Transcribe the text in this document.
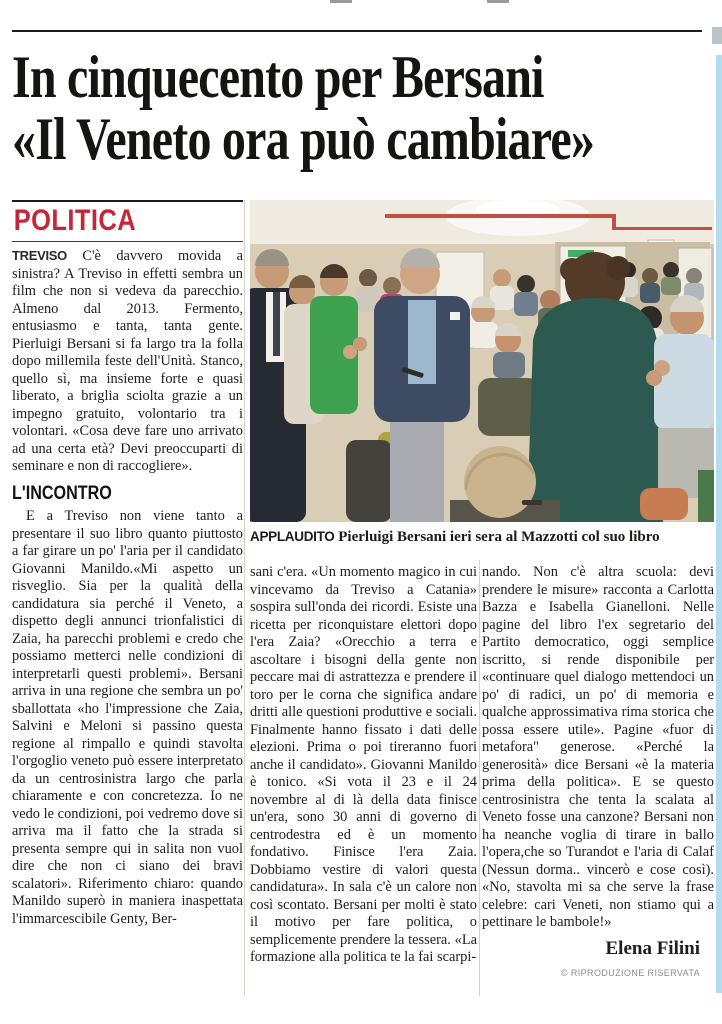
In cinquecento per Bersani
«Il Veneto ora può cambiare»
POLITICA

TREVISO C'è davvero movida a sinistra? A Treviso in effetti sembra un film che non si vedeva da parecchio. Almeno dal 2013. Fermento, entusiasmo e tanta, tanta gente. Pierluigi Bersani si fa largo tra la folla dopo millemila feste dell'Unità. Stanco, quello sì, ma insieme forte e quasi liberato, a briglia sciolta grazie a un impegno gratuito, volontario tra i volontari. «Cosa deve fare uno arrivato ad una certa età? Devi preoccuparti di seminare e non di raccogliere».

L'INCONTRO

E a Treviso non viene tanto a presentare il suo libro quanto piuttosto a far girare un po' l'aria per il candidato Giovanni Manildo.«Mi aspetto un risveglio. Sia per la qualità della candidatura sia perché il Veneto, a dispetto degli annunci trionfalistici di Zaia, ha parecchi problemi e credo che possiamo metterci nelle condizioni di interpretarli questi problemi». Bersani arriva in una regione che sembra un po' sballottata «ho l'impressione che Zaia, Salvini e Meloni si passino questa regione al rimpallo e quindi stavolta l'orgoglio veneto può essere interpretato da un centrosinistra largo che parla chiaramente e con concretezza. Io ne vedo le condizioni, poi vedremo dove si arriva ma il fatto che la strada si presenta sempre qui in salita non vuol dire che non ci siano dei bravi scalatori». Riferimento chiaro: quando Manildo superò in maniera inaspettata l'immarcescibile Genty, Ber-

APPLAUDITO Pierluigi Bersani ieri sera al Mazzotti col suo libro

sani c'era. «Un momento magico in cui vincevamo da Treviso a Catania» sospira sull'onda dei ricordi. Esiste una ricetta per riconquistare elettori dopo l'era Zaia? «Orecchio a terra e ascoltare i bisogni della gente non peccare mai di astrattezza e prendere il toro per le corna che significa andare dritti alle questioni produttive e sociali. Finalmente hanno fissato i dati delle elezioni. Prima o poi tireranno fuori anche il candidato». Giovanni Manildo è tonico. «Si vota il 23 e il 24 novembre al di là della data finisce un'era, sono 30 anni di governo di centrodestra ed è un momento fondativo. Finisce l'era Zaia. Dobbiamo vestire di valori questa candidatura». In sala c'è un calore non così scontato. Bersani per molti è stato il motivo per fare politica, o semplicemente prendere la tessera. «La formazione alla politica te la fai scarpi-

nando. Non c'è altra scuola: devi prendere le misure» racconta a Carlotta Bazza e Isabella Gianelloni. Nelle pagine del libro l'ex segretario del Partito democratico, oggi semplice iscritto, si rende disponibile per «continuare quel dialogo mettendoci un po' di radici, un po' di memoria e qualche approssimativa rima storica che possa essere utile». Pagine «fuor di metafora" generose. «Perché la generosità» dice Bersani «è la materia prima della politica». E se questo centrosinistra che tenta la scalata al Veneto fosse una canzone? Bersani non ha neanche voglia di tirare in ballo l'opera,che so Turandot e l'aria di Calaf (Nessun dorma.. vincerò e cose così). «No, stavolta mi sa che serve la frase celebre: cari Veneti, non stiamo qui a pettinare le bambole!»

Elena Filini
© RIPRODUZIONE RISERVATA
